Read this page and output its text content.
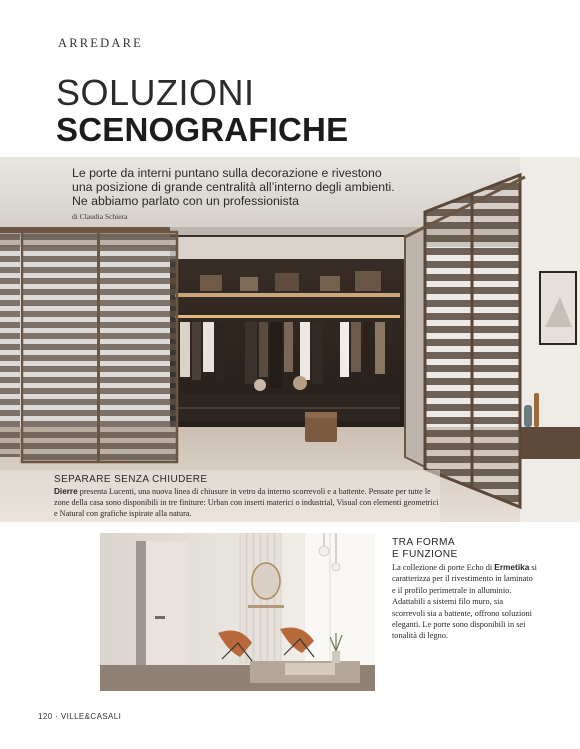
ARREDARE
SOLUZIONI
SCENOGRAFICHE
Le porte da interni puntano sulla decorazione e rivestono
una posizione di grande centralità all’interno degli ambienti.
Ne abbiamo parlato con un professionista
di Claudia Schiera
SEPARARE SENZA CHIUDERE
Dierre presenta Lucenti, una nuova linea di chiusure in vetro da interno scorrevoli e a battente. Pensate per tutte le zone della casa sono disponibili in tre finiture: Urban con inserti materici o industrial, Visual con elementi geometrici e Natural con grafiche ispirate alla natura.
TRA FORMA
E FUNZIONE
La collezione di porte Echo di Ermetika si caratterizza per il rivestimento in laminato e il profilo perimetrale in alluminio. Adattabili a sistemi filo muro, sia scorrevoli sia a battente, offrono soluzioni eleganti. Le porte sono disponibili in sei tonalità di legno.
120 · VILLE&CASALI
